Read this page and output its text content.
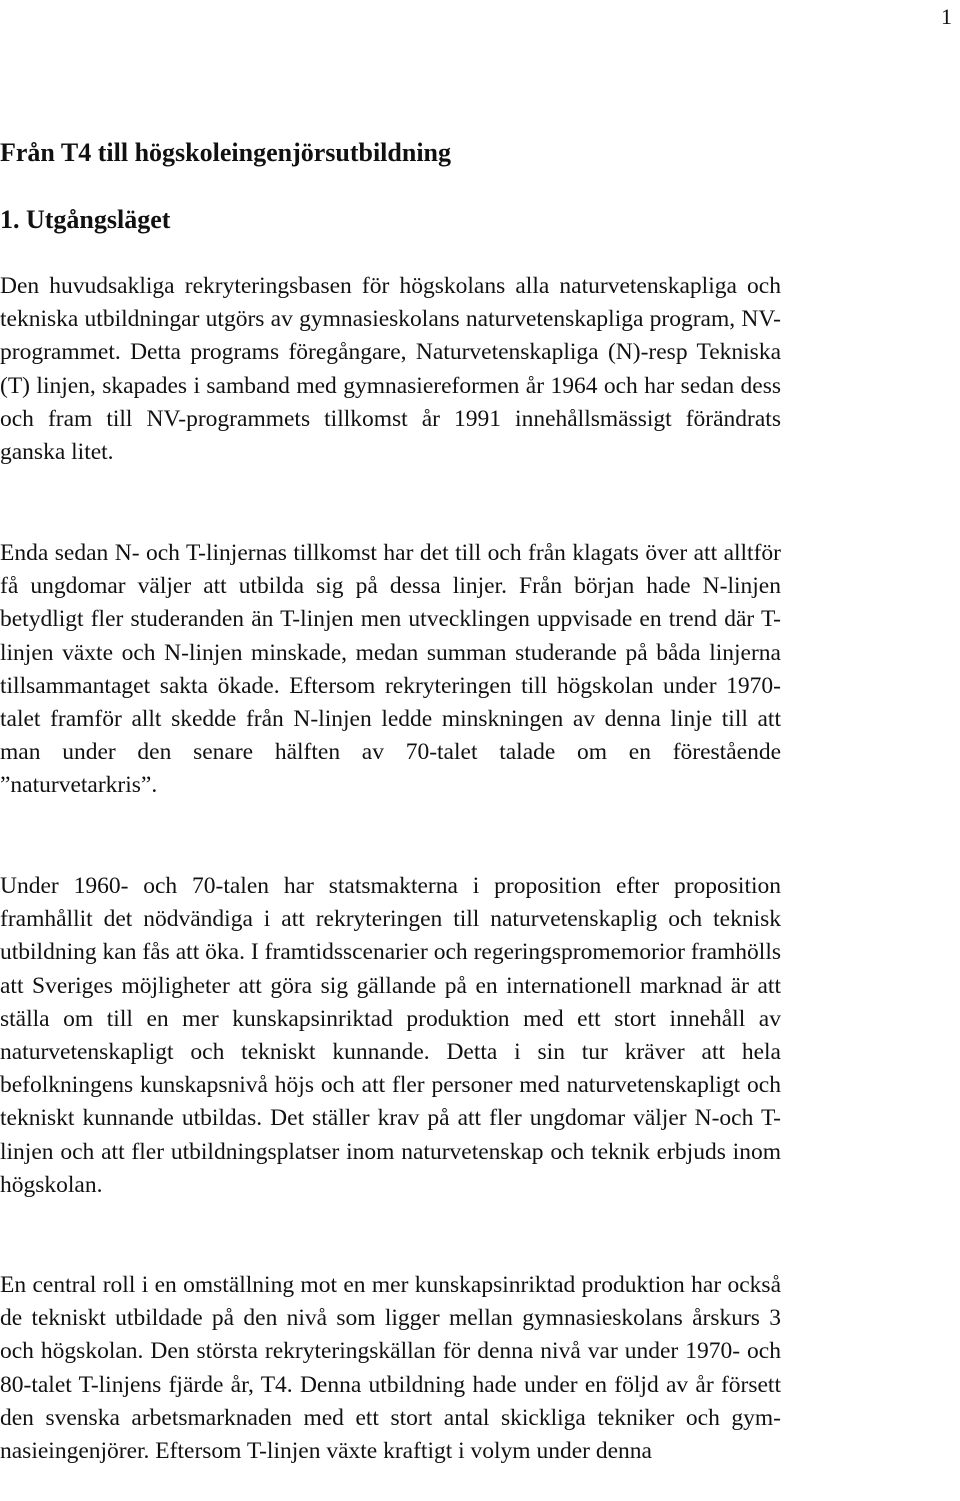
1
Från T4 till högskoleingenjörsutbildning
1. Utgångsläget

Den huvudsakliga rekryteringsbasen för högskolans alla naturvetenskapliga och tekniska utbildningar utgörs av gymnasieskolans naturvetenskapliga program, NV-programmet. Detta programs föregångare, Naturvetenskapliga (N)-resp Tekniska (T) linjen, skapades i samband med gymnasiereformen år 1964 och har sedan dess och fram till NV-programmets tillkomst år 1991 innehållsmässigt förändrats ganska litet.

Enda sedan N- och T-linjernas tillkomst har det till och från klagats över att alltför få ungdomar väljer att utbilda sig på dessa linjer. Från början hade N-linjen betydligt fler studeranden än T-linjen men utvecklingen uppvisade en trend där T-linjen växte och N-linjen minskade, medan summan studerande på båda linjerna tillsammantaget sakta ökade. Eftersom rekryteringen till högskolan under 1970-talet framför allt skedde från N-linjen ledde minskningen av denna linje till att man under den senare hälften av 70-talet talade om en förestående ”naturvetarkris”.

Under 1960- och 70-talen har statsmakterna i proposition efter proposition framhållit det nödvändiga i att rekryteringen till naturvetenskaplig och teknisk utbildning kan fås att öka. I framtidsscenarier och regeringspromemorior framhölls att Sveriges möjligheter att göra sig gällande på en internationell marknad är att ställa om till en mer kunskapsinriktad produktion med ett stort innehåll av naturvetenskapligt och tekniskt kunnande. Detta i sin tur kräver att hela befolkningens kunskapsnivå höjs och att fler personer med naturvetenskapligt och tekniskt kunnande utbildas. Det ställer krav på att fler ungdomar väljer N-och T-linjen och att fler utbildningsplatser inom naturvetenskap och teknik erbjuds inom högskolan.

En central roll i en omställning mot en mer kunskapsinriktad produktion har också de tekniskt utbildade på den nivå som ligger mellan gymnasieskolans årskurs 3 och högskolan. Den största rekryteringskällan för denna nivå var under 1970- och 80-talet T-linjens fjärde år, T4. Denna utbildning hade under en följd av år försett den svenska arbetsmarknaden med ett stort antal skickliga tekniker och gymnasieingenjörer. Eftersom T-linjen växte kraftigt i volym under denna
